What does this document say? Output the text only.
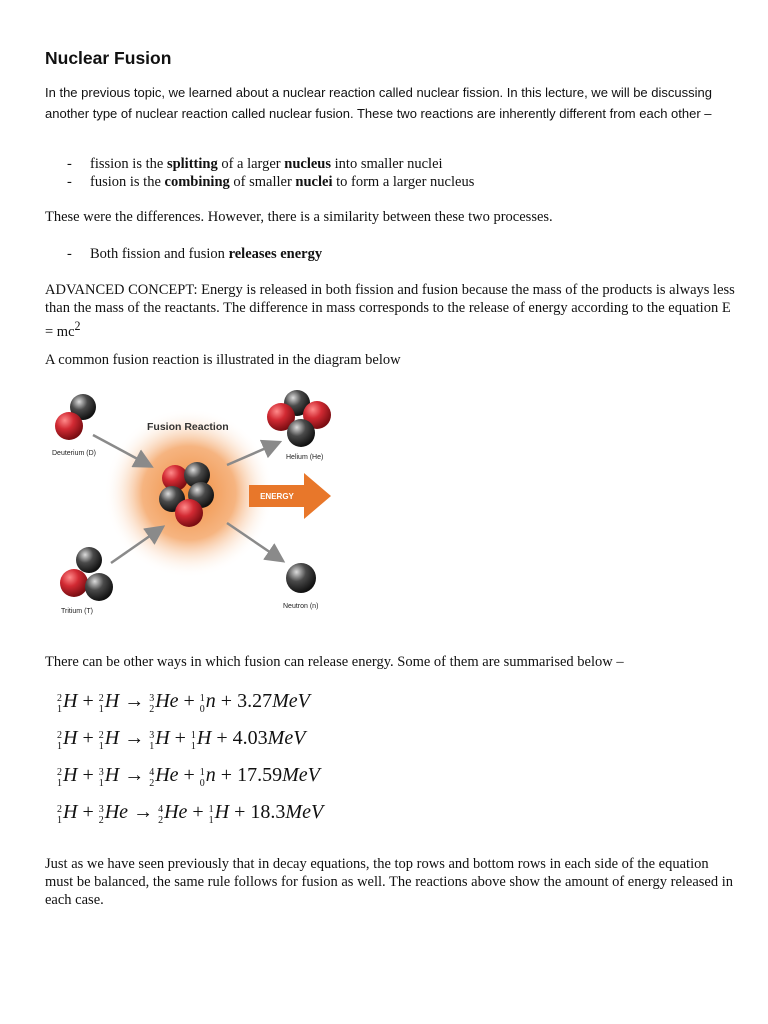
Nuclear Fusion

In the previous topic, we learned about a nuclear reaction called nuclear fission. In this lecture, we will be discussing another type of nuclear reaction called nuclear fusion. These two reactions are inherently different from each other –

- fission is the splitting of a larger nucleus into smaller nuclei
- fusion is the combining of smaller nuclei to form a larger nucleus

These were the differences. However, there is a similarity between these two processes.

- Both fission and fusion releases energy

ADVANCED CONCEPT: Energy is released in both fission and fusion because the mass of the products is always less than the mass of the reactants. The difference in mass corresponds to the release of energy according to the equation $E = mc^2$

A common fusion reaction is illustrated in the diagram below

Fusion Reaction
Deuterium (D)
Tritium (T)
Helium (He)
Neutron (n)
ENERGY

There can be other ways in which fusion can release energy. Some of them are summarised below –

2
1 H + 2
1 H → 3
2 He + 1
0 n + 3.27MeV
2
1 H + 2
1 H → 3
1 H + 1
1 H + 4.03MeV
2
1 H + 3
1 H → 4
2 He + 1
0 n + 17.59MeV
2
1 H + 3
2 He → 4
2 He + 1
1 H + 18.3MeV

Just as we have seen previously that in decay equations, the top rows and bottom rows in each side of the equation must be balanced, the same rule follows for fusion as well. The reactions above show the amount of energy released in each case.
